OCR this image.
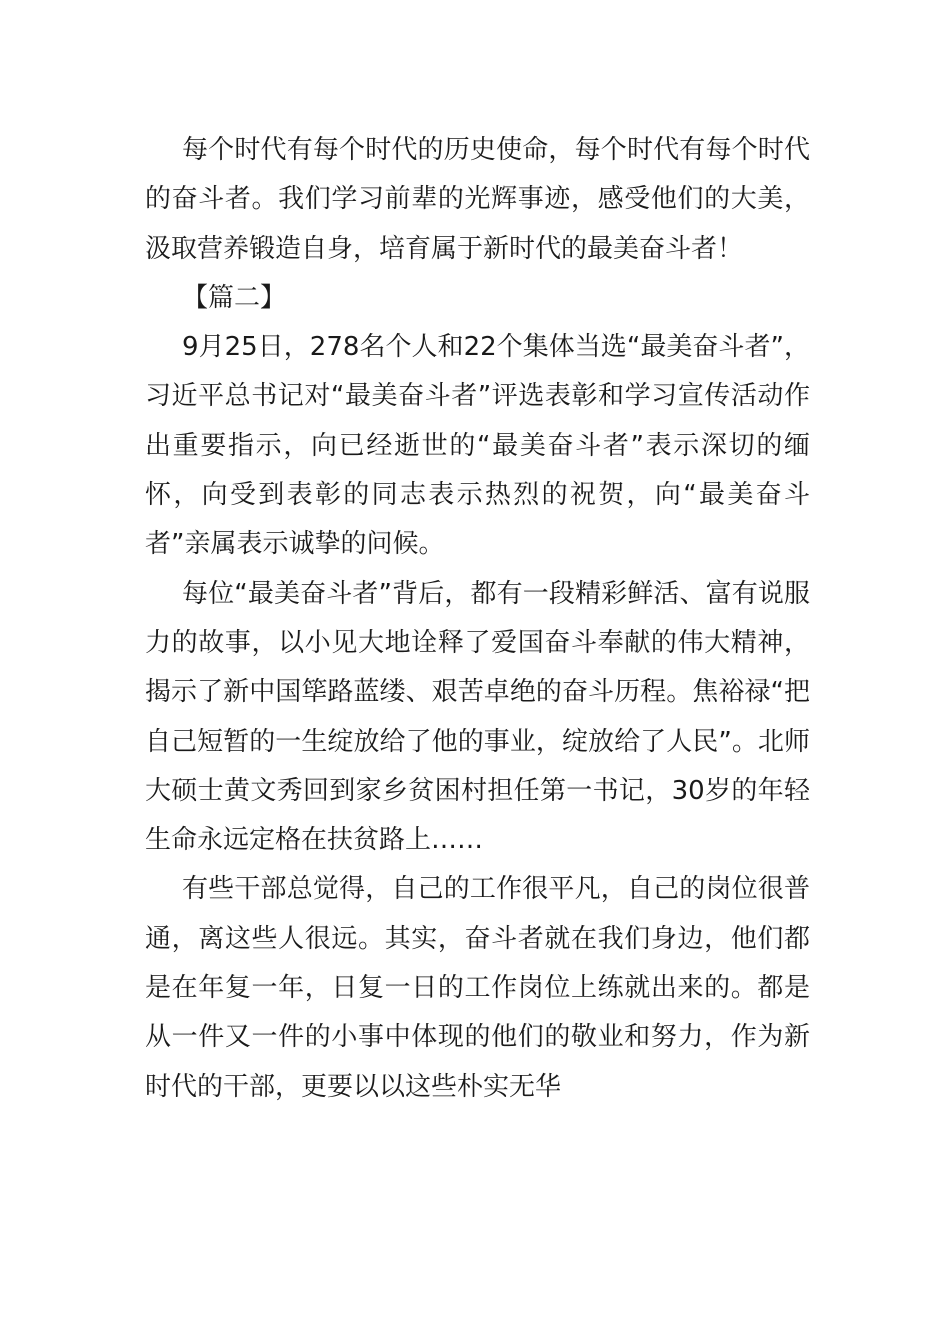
每个时代有每个时代的历史使命，每个时代有每个时代的奋斗者。我们学习前辈的光辉事迹，感受他们的大美，汲取营养锻造自身，培育属于新时代的最美奋斗者！

【篇二】

9月25日，278名个人和22个集体当选“最美奋斗者”，习近平总书记对“最美奋斗者”评选表彰和学习宣传活动作出重要指示，向已经逝世的“最美奋斗者”表示深切的缅怀，向受到表彰的同志表示热烈的祝贺，向“最美奋斗者”亲属表示诚挚的问候。

每位“最美奋斗者”背后，都有一段精彩鲜活、富有说服力的故事，以小见大地诠释了爱国奋斗奉献的伟大精神，揭示了新中国筚路蓝缕、艰苦卓绝的奋斗历程。焦裕禄“把自己短暂的一生绽放给了他的事业，绽放给了人民”。北师大硕士黄文秀回到家乡贫困村担任第一书记，30岁的年轻生命永远定格在扶贫路上……

有些干部总觉得，自己的工作很平凡，自己的岗位很普通，离这些人很远。其实，奋斗者就在我们身边，他们都是在年复一年，日复一日的工作岗位上练就出来的。都是从一件又一件的小事中体现的他们的敬业和努力，作为新时代的干部，更要以以这些朴实无华
